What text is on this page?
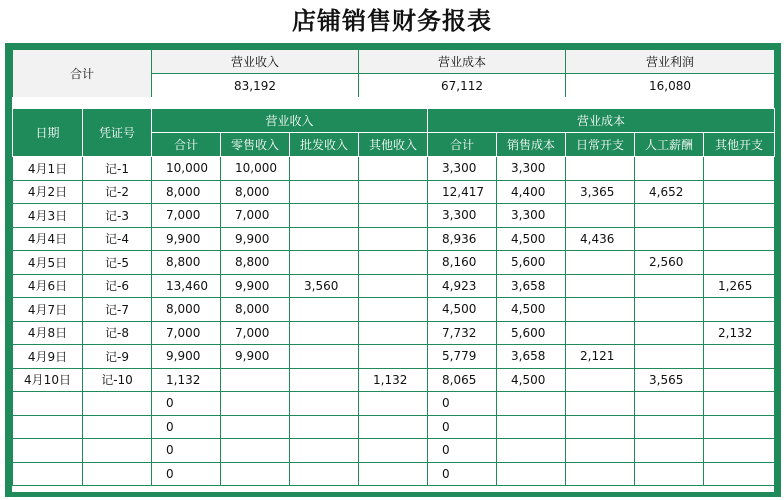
店铺销售财务报表
合计	营业收入	营业成本	营业利润
	83,192	67,112	16,080
日期	凭证号	营业收入				营业成本				
		合计	零售收入	批发收入	其他收入	合计	销售成本	日常开支	人工薪酬	其他开支
4月1日	记-1	10,000	10,000			3,300	3,300			
4月2日	记-2	8,000	8,000			12,417	4,400	3,365	4,652	
4月3日	记-3	7,000	7,000			3,300	3,300			
4月4日	记-4	9,900	9,900			8,936	4,500	4,436		
4月5日	记-5	8,800	8,800			8,160	5,600		2,560	
4月6日	记-6	13,460	9,900	3,560		4,923	3,658			1,265
4月7日	记-7	8,000	8,000			4,500	4,500			
4月8日	记-8	7,000	7,000			7,732	5,600			2,132
4月9日	记-9	9,900	9,900			5,779	3,658	2,121		
4月10日	记-10	1,132			1,132	8,065	4,500		3,565	
		0				0				
		0				0				
		0				0				
		0				0				
